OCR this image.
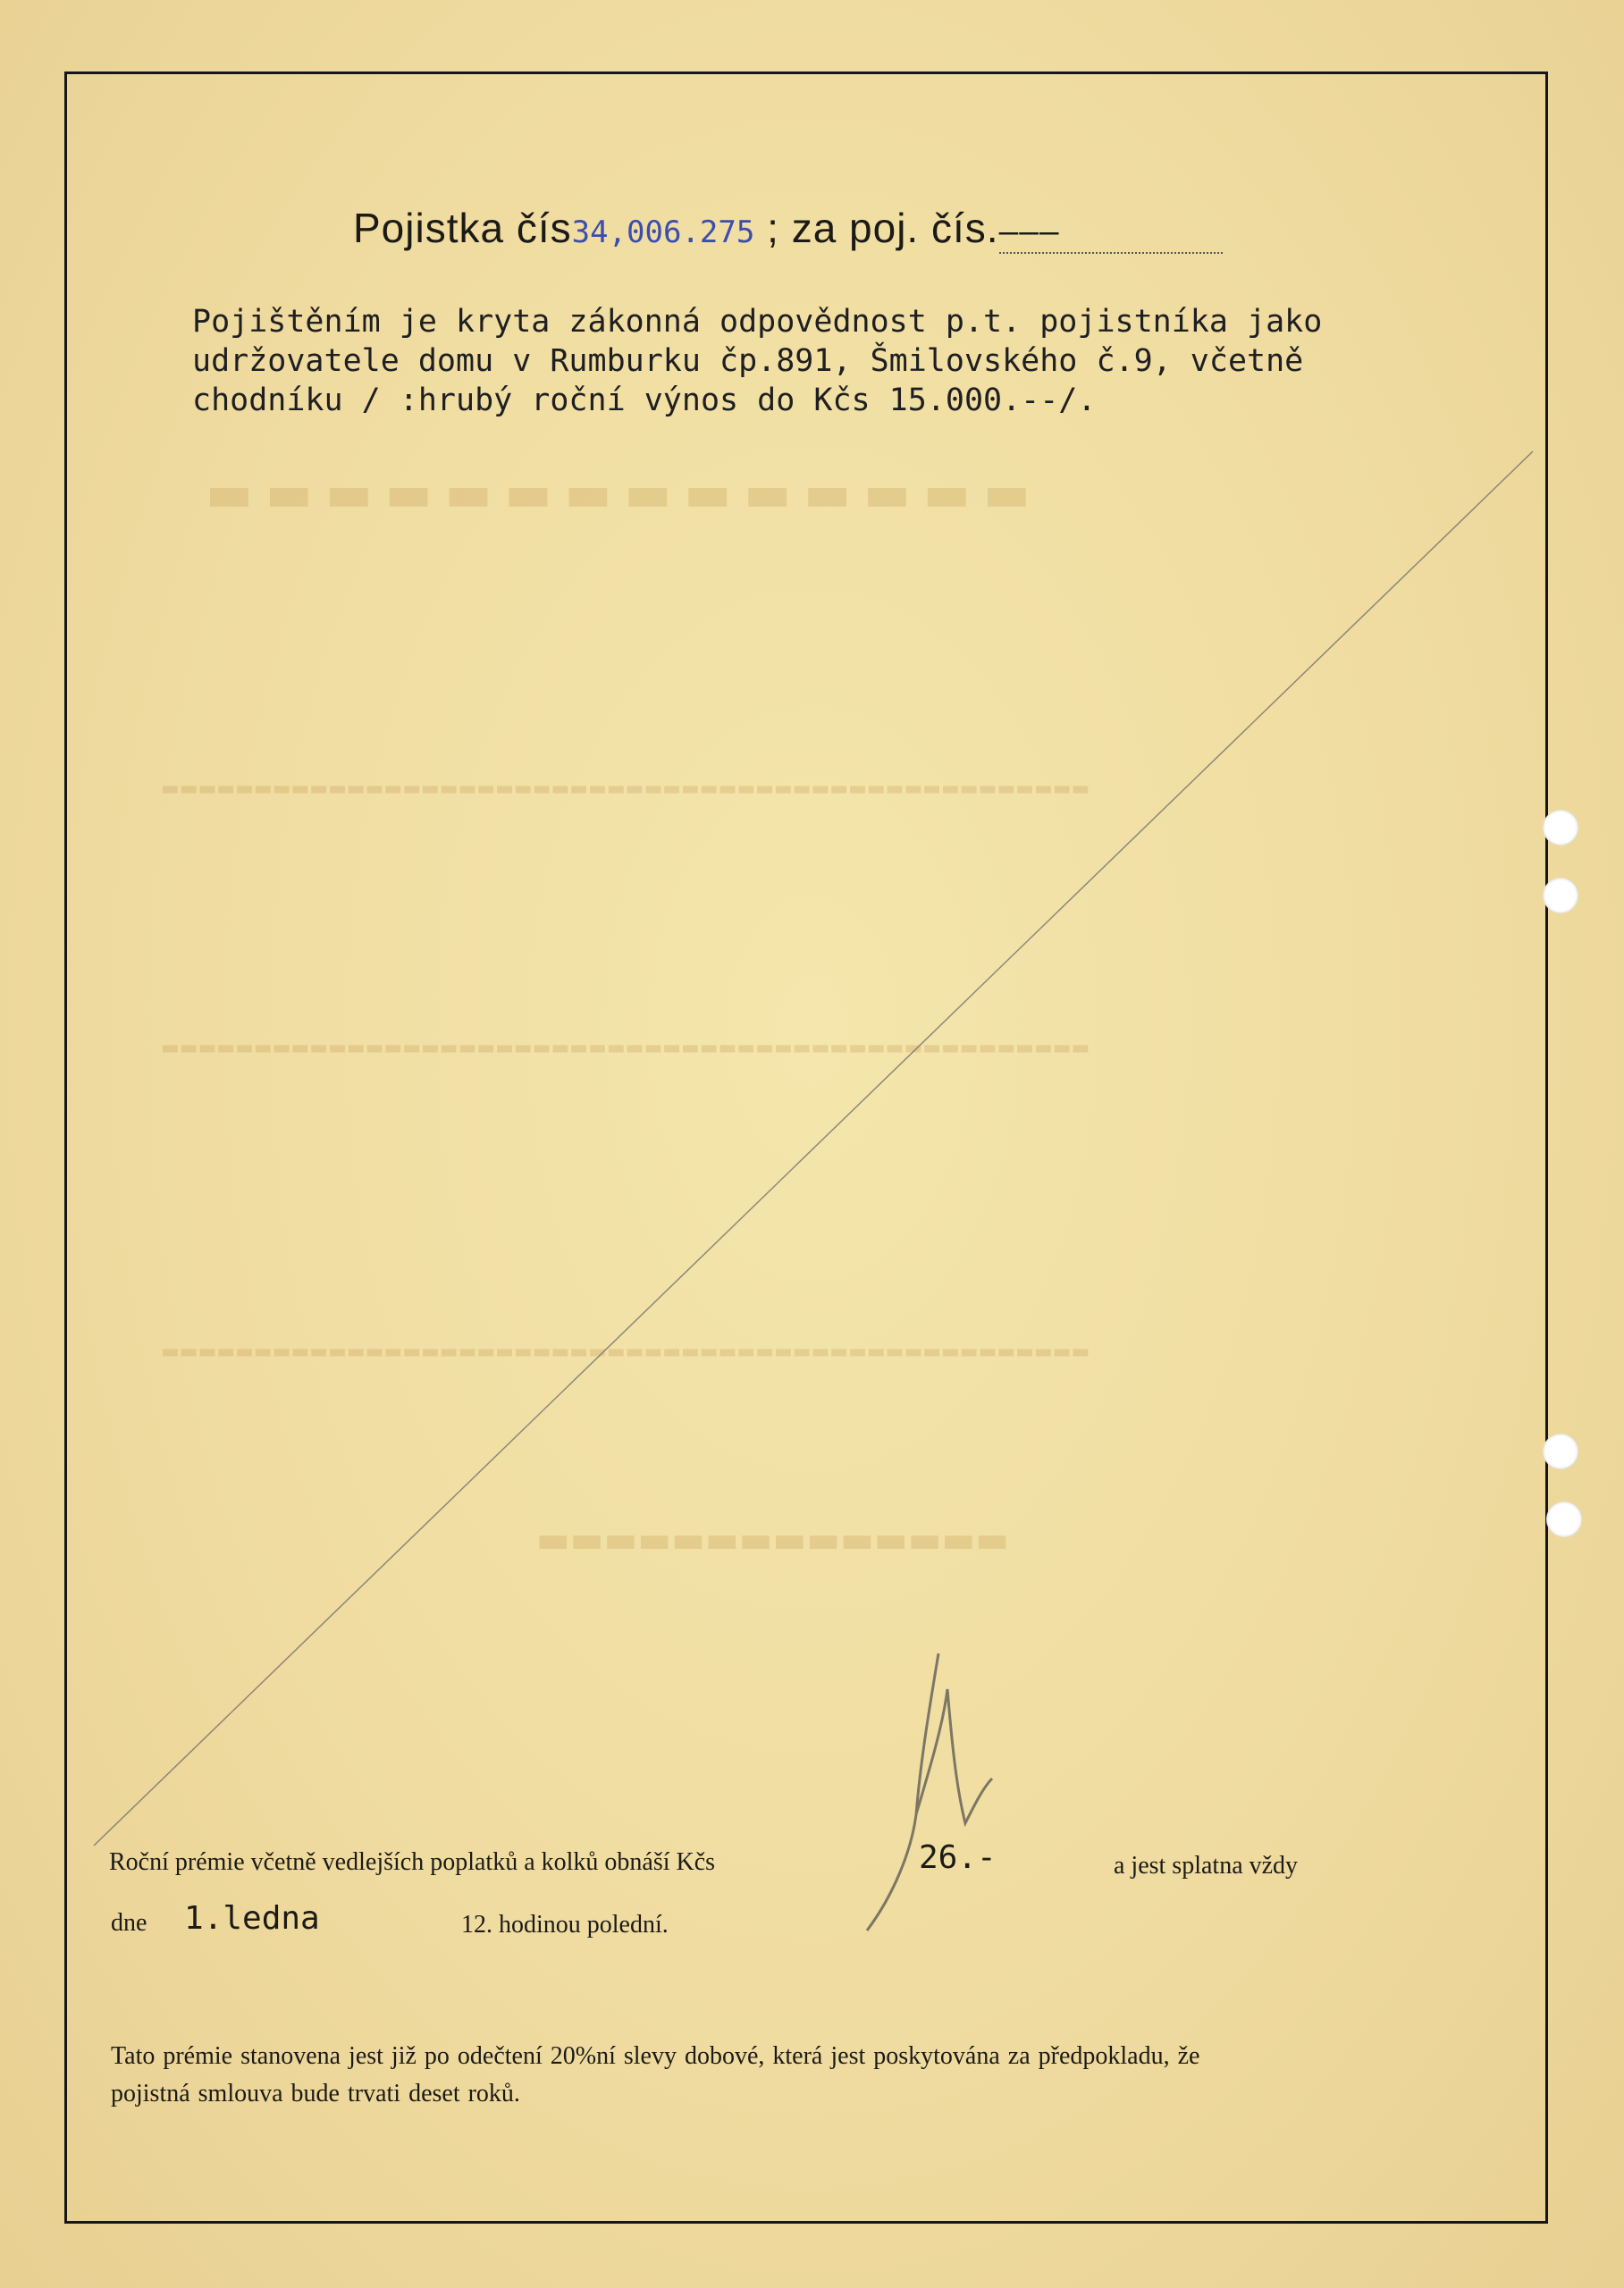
▬▬▬▬▬▬▬▬▬▬▬▬▬▬
▬▬▬▬▬▬▬▬▬▬▬▬▬▬▬▬▬▬▬▬▬▬▬▬▬▬▬▬▬▬▬▬▬▬▬▬▬▬▬▬▬▬▬▬▬▬▬▬▬▬
▬▬▬▬▬▬▬▬▬▬▬▬▬▬▬▬▬▬▬▬▬▬▬▬▬▬▬▬▬▬▬▬▬▬▬▬▬▬▬▬▬▬▬▬▬▬▬▬▬▬
▬▬▬▬▬▬▬▬▬▬▬▬▬▬▬▬▬▬▬▬▬▬▬▬▬▬▬▬▬▬▬▬▬▬▬▬▬▬▬▬▬▬▬▬▬▬▬▬▬▬
▬▬▬▬▬▬▬▬▬▬▬▬▬▬
Pojistka čís34,006.275 ; za poj. čís.———

Pojištěním je kryta zákonná odpovědnost p.t. pojistníka jako

udržovatele domu v Rumburku čp.891, Šmilovského č.9, včetně

chodníku / :hrubý roční výnos do Kčs 15.000.--/.

Roční prémie včetně vedlejších poplatků a kolků obnáší Kčs	26.-	a jest splatna vždy
dne 1.ledna	12. hodinou polední.
Tato prémie stanovena jest již po odečtení 20%ní slevy dobové, která jest poskytována za předpokladu, že
pojistná smlouva bude trvati deset roků.
